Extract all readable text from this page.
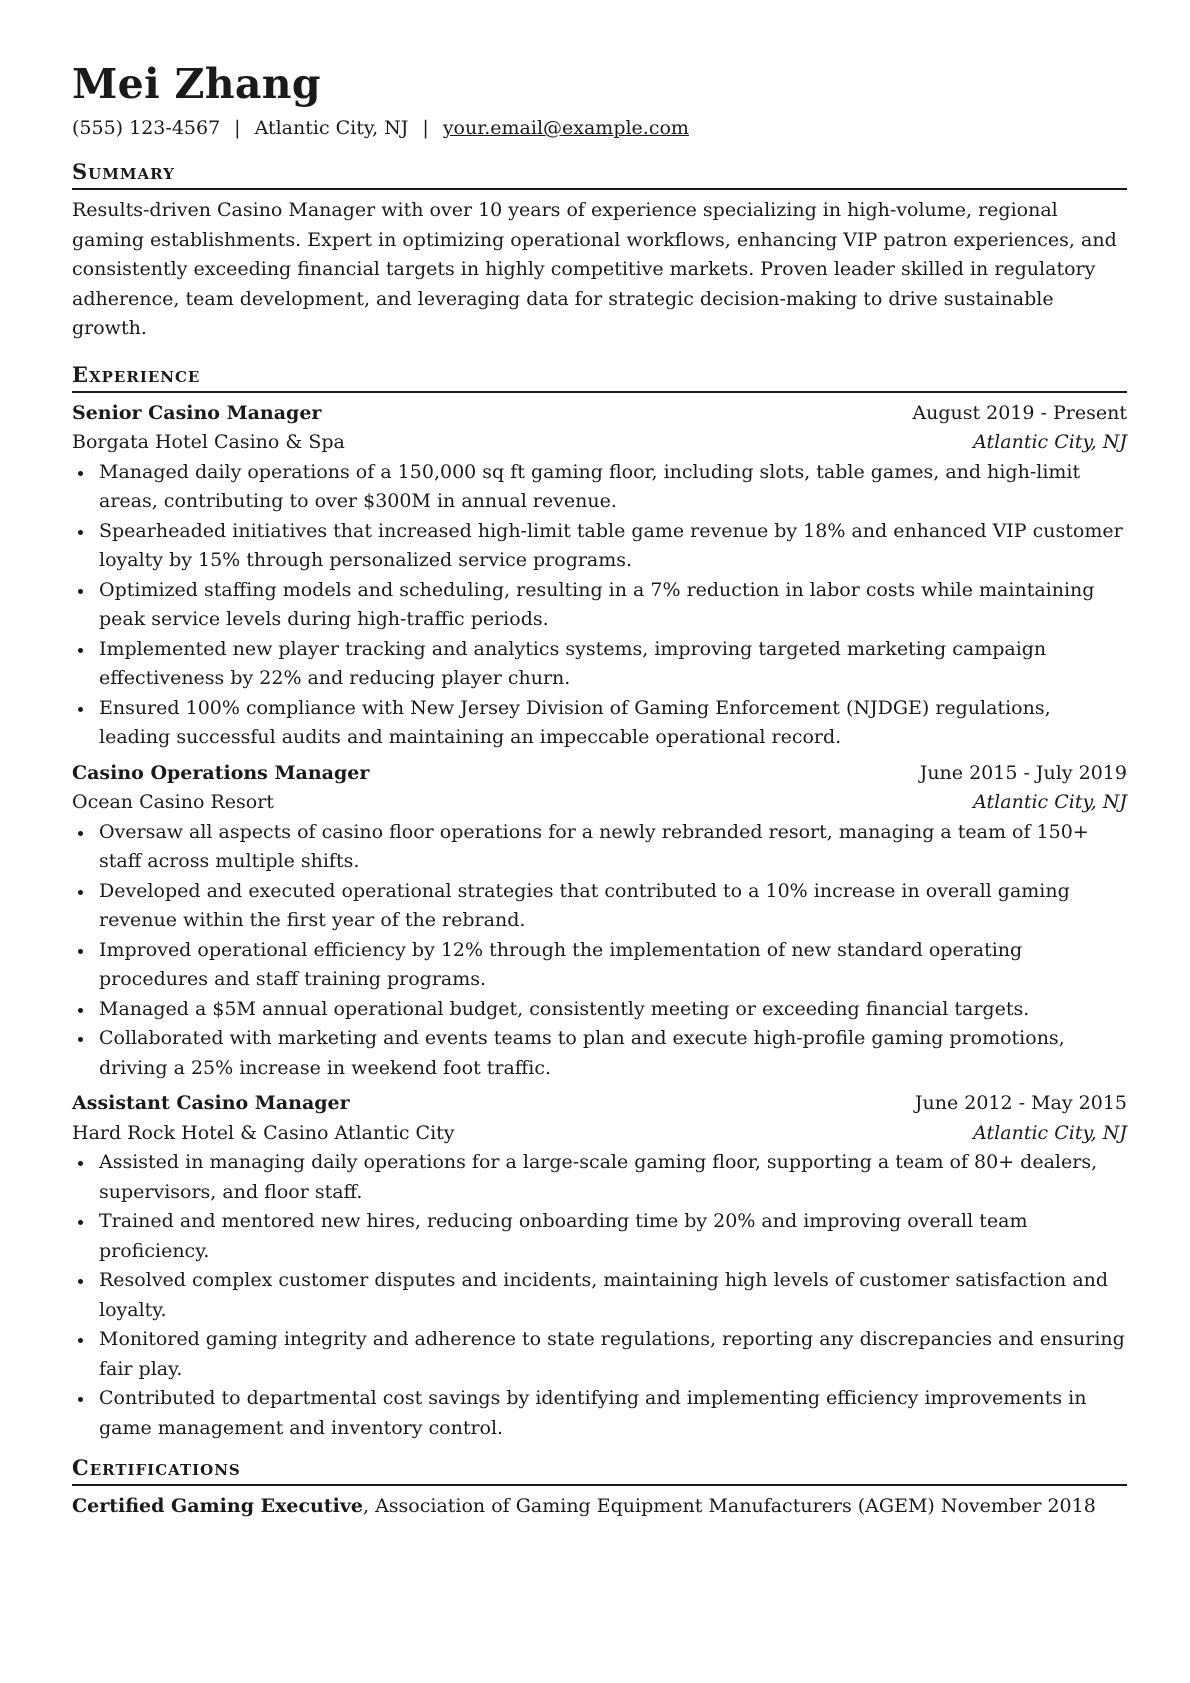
Mei Zhang
(555) 123-4567 | Atlantic City, NJ | your.email@example.com
Summary
Results-driven Casino Manager with over 10 years of experience specializing in high-volume, regional gaming establishments. Expert in optimizing operational workflows, enhancing VIP patron experiences, and consistently exceeding financial targets in highly competitive markets. Proven leader skilled in regulatory adherence, team development, and leveraging data for strategic decision-making to drive sustainable growth.
Experience
Senior Casino Manager	August 2019 - Present
Borgata Hotel Casino & Spa	Atlantic City, NJ
Managed daily operations of a 150,000 sq ft gaming floor, including slots, table games, and high-limit areas, contributing to over $300M in annual revenue.
Spearheaded initiatives that increased high-limit table game revenue by 18% and enhanced VIP customer loyalty by 15% through personalized service programs.
Optimized staffing models and scheduling, resulting in a 7% reduction in labor costs while maintaining peak service levels during high-traffic periods.
Implemented new player tracking and analytics systems, improving targeted marketing campaign effectiveness by 22% and reducing player churn.
Ensured 100% compliance with New Jersey Division of Gaming Enforcement (NJDGE) regulations, leading successful audits and maintaining an impeccable operational record.
Casino Operations Manager	June 2015 - July 2019
Ocean Casino Resort	Atlantic City, NJ
Oversaw all aspects of casino floor operations for a newly rebranded resort, managing a team of 150+ staff across multiple shifts.
Developed and executed operational strategies that contributed to a 10% increase in overall gaming revenue within the first year of the rebrand.
Improved operational efficiency by 12% through the implementation of new standard operating procedures and staff training programs.
Managed a $5M annual operational budget, consistently meeting or exceeding financial targets.
Collaborated with marketing and events teams to plan and execute high-profile gaming promotions, driving a 25% increase in weekend foot traffic.
Assistant Casino Manager	June 2012 - May 2015
Hard Rock Hotel & Casino Atlantic City	Atlantic City, NJ
Assisted in managing daily operations for a large-scale gaming floor, supporting a team of 80+ dealers, supervisors, and floor staff.
Trained and mentored new hires, reducing onboarding time by 20% and improving overall team proficiency.
Resolved complex customer disputes and incidents, maintaining high levels of customer satisfaction and loyalty.
Monitored gaming integrity and adherence to state regulations, reporting any discrepancies and ensuring fair play.
Contributed to departmental cost savings by identifying and implementing efficiency improvements in game management and inventory control.
Certifications
Certified Gaming Executive, Association of Gaming Equipment Manufacturers (AGEM) November 2018
